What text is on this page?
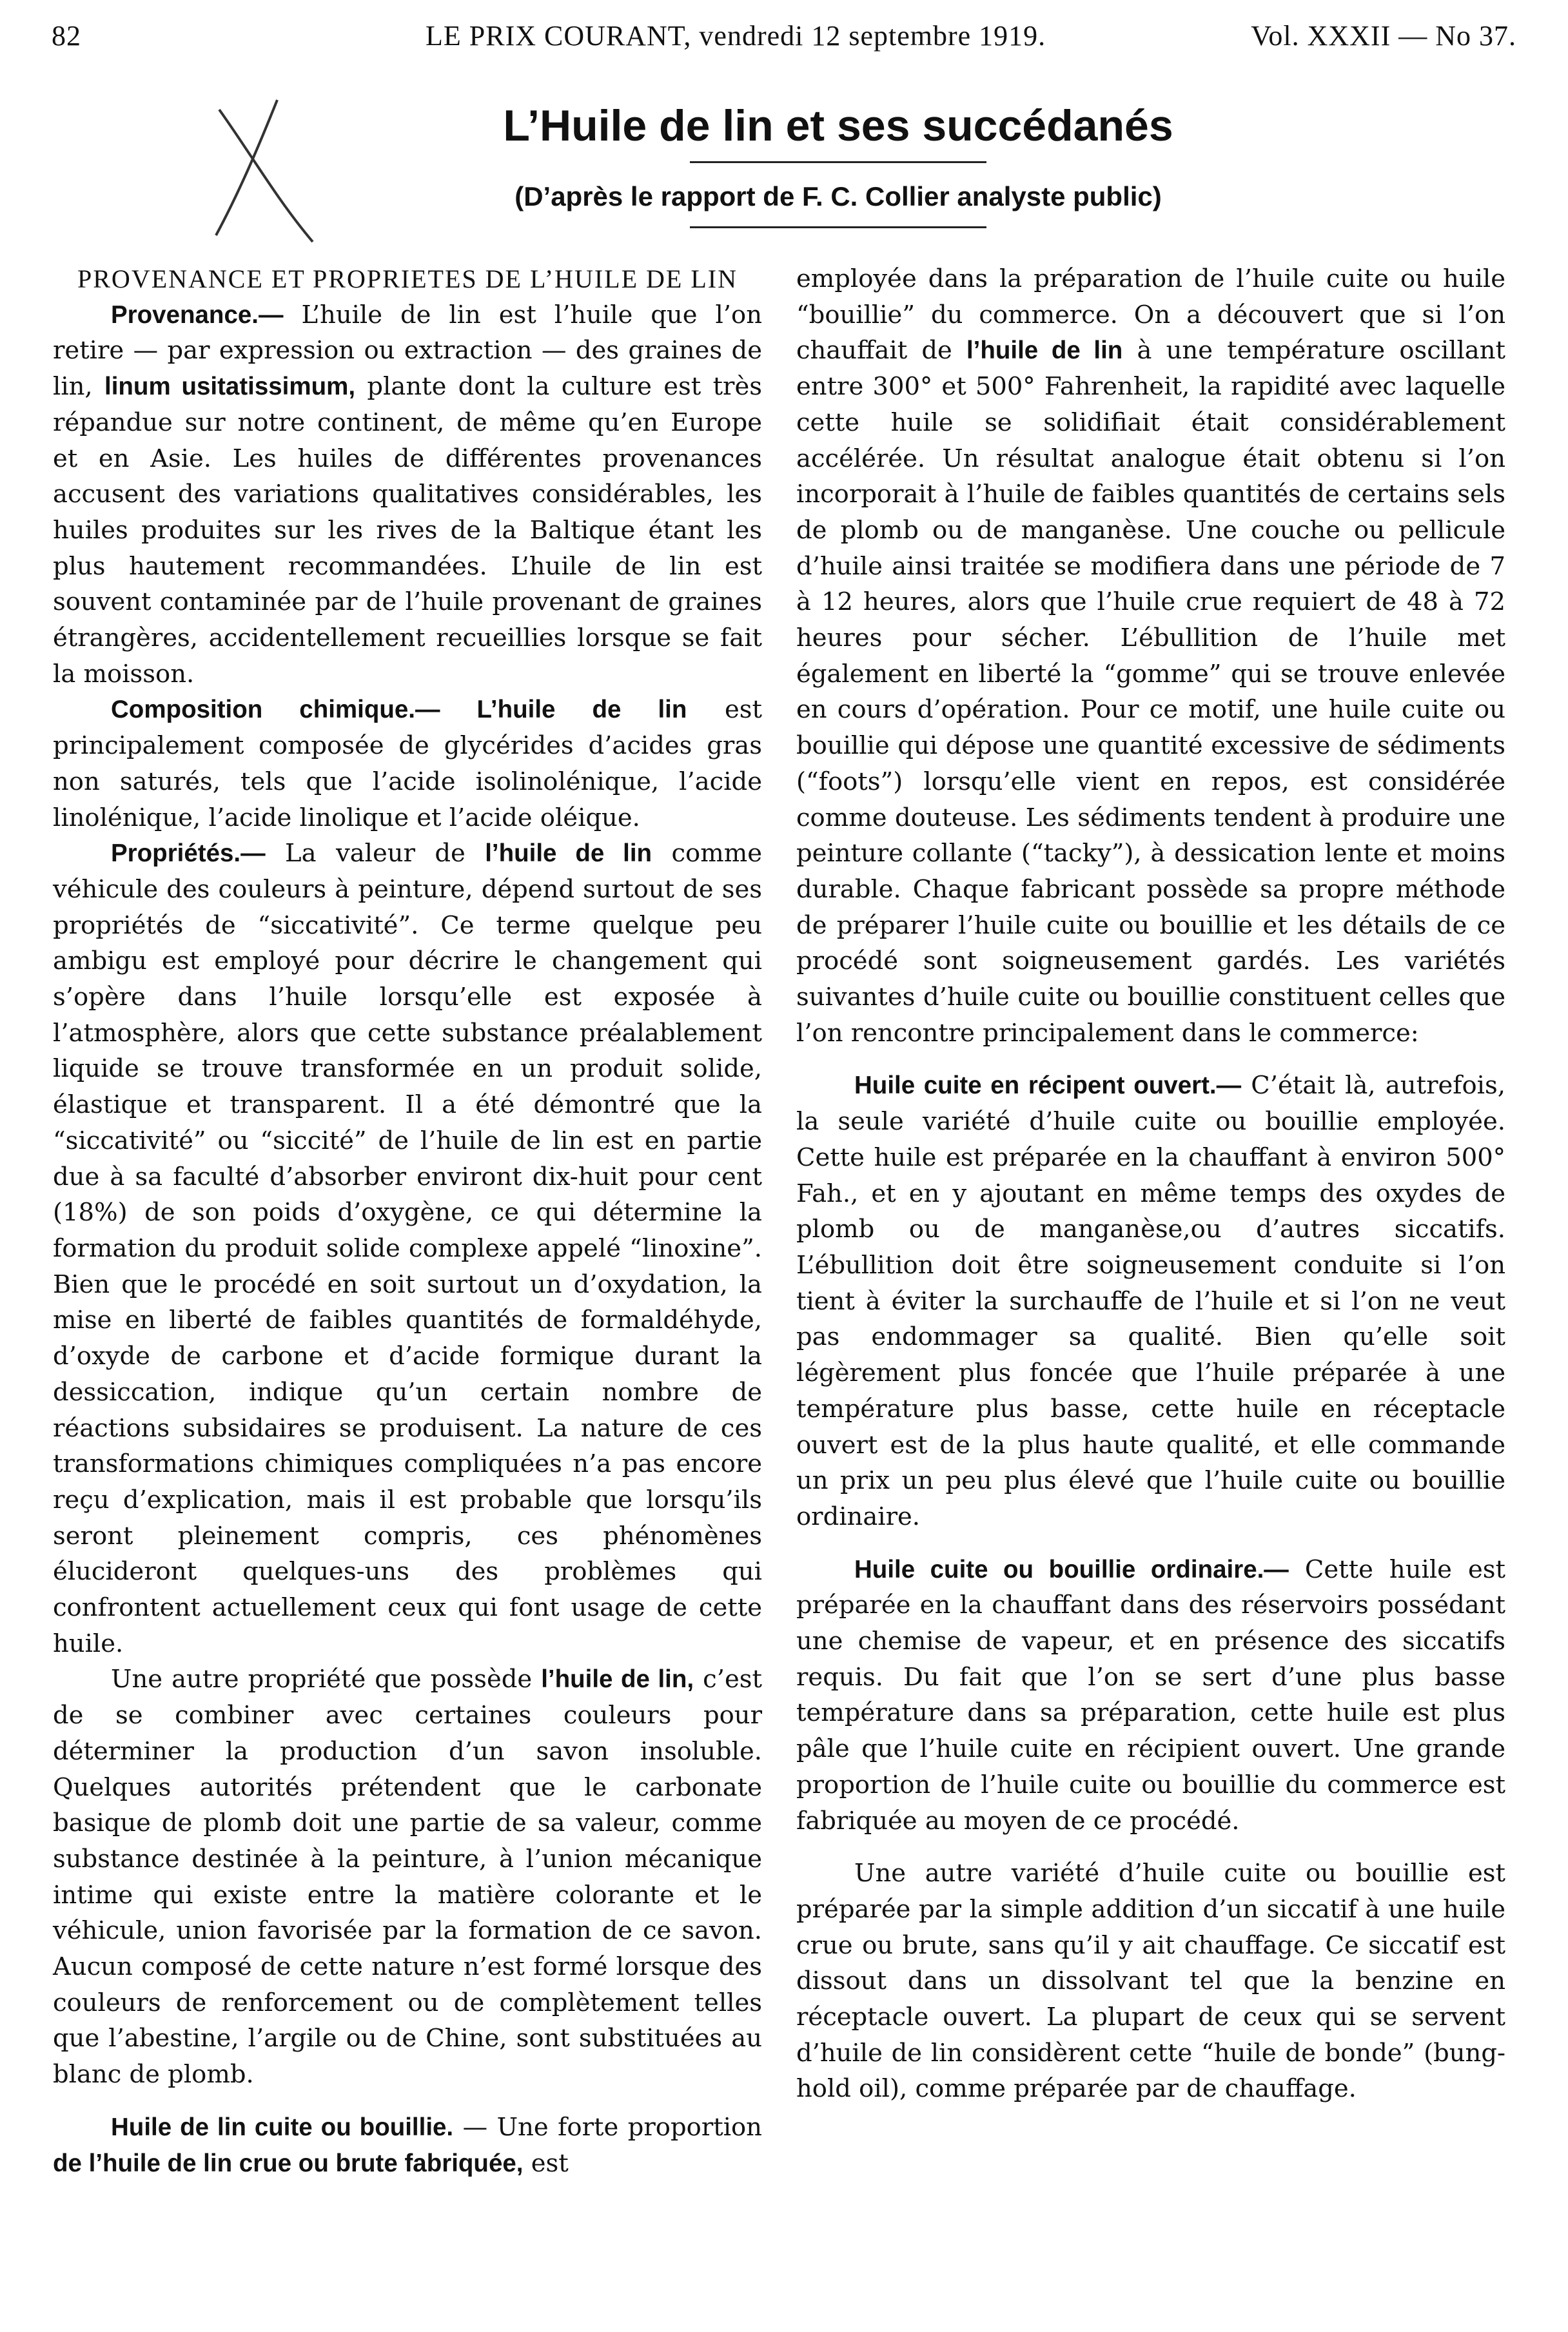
82	LE PRIX COURANT, vendredi 12 septembre 1919.	Vol. XXXII — No 37.
L’Huile de lin et ses succédanés
(D’après le rapport de F. C. Collier analyste public)

PROVENANCE ET PROPRIETES DE L’HUILE DE LIN

Provenance.— L’huile de lin est l’huile que l’on retire — par expression ou extraction — des graines de lin, linum usitatissimum, plante dont la culture est très répandue sur notre continent, de même qu’en Europe et en Asie. Les huiles de différentes provenances accusent des variations qualitatives considérables, les huiles produites sur les rives de la Baltique étant les plus hautement recommandées. L’huile de lin est souvent contaminée par de l’huile provenant de graines étrangères, accidentellement recueillies lorsque se fait la moisson.

Composition chimique.— L’huile de lin est principalement composée de glycérides d’acides gras non saturés, tels que l’acide isolinolénique, l’acide linolénique, l’acide linolique et l’acide oléique.

Propriétés.— La valeur de l’huile de lin comme véhicule des couleurs à peinture, dépend surtout de ses propriétés de “siccativité”. Ce terme quelque peu ambigu est employé pour décrire le changement qui s’opère dans l’huile lorsqu’elle est exposée à l’atmosphère, alors que cette substance préalablement liquide se trouve transformée en un produit solide, élastique et transparent. Il a été démontré que la “siccativité” ou “siccité” de l’huile de lin est en partie due à sa faculté d’absorber environt dix-huit pour cent (18%) de son poids d’oxygène, ce qui détermine la formation du produit solide complexe appelé “linoxine”. Bien que le procédé en soit surtout un d’oxydation, la mise en liberté de faibles quantités de formaldéhyde, d’oxyde de carbone et d’acide formique durant la dessiccation, indique qu’un certain nombre de réactions subsidaires se produisent. La nature de ces transformations chimiques compliquées n’a pas encore reçu d’explication, mais il est probable que lorsqu’ils seront pleinement compris, ces phénomènes élucideront quelques-uns des problèmes qui confrontent actuellement ceux qui font usage de cette huile.

Une autre propriété que possède l’huile de lin, c’est de se combiner avec certaines couleurs pour déterminer la production d’un savon insoluble. Quelques autorités prétendent que le carbonate basique de plomb doit une partie de sa valeur, comme substance destinée à la peinture, à l’union mécanique intime qui existe entre la matière colorante et le véhicule, union favorisée par la formation de ce savon. Aucun composé de cette nature n’est formé lorsque des couleurs de renforcement ou de complètement telles que l’abestine, l’argile ou de Chine, sont substituées au blanc de plomb.

Huile de lin cuite ou bouillie. — Une forte proportion de l’huile de lin crue ou brute fabriquée, est

employée dans la préparation de l’huile cuite ou huile “bouillie” du commerce. On a découvert que si l’on chauffait de l’huile de lin à une température oscillant entre 300° et 500° Fahrenheit, la rapidité avec laquelle cette huile se solidifiait était considérablement accélérée. Un résultat analogue était obtenu si l’on incorporait à l’huile de faibles quantités de certains sels de plomb ou de manganèse. Une couche ou pellicule d’huile ainsi traitée se modifiera dans une période de 7 à 12 heures, alors que l’huile crue requiert de 48 à 72 heures pour sécher. L’ébullition de l’huile met également en liberté la “gomme” qui se trouve enlevée en cours d’opération. Pour ce motif, une huile cuite ou bouillie qui dépose une quantité excessive de sédiments (“foots”) lorsqu’elle vient en repos, est considérée comme douteuse. Les sédiments tendent à produire une peinture collante (“tacky”), à dessication lente et moins durable. Chaque fabricant possède sa propre méthode de préparer l’huile cuite ou bouillie et les détails de ce procédé sont soigneusement gardés. Les variétés suivantes d’huile cuite ou bouillie constituent celles que l’on rencontre principalement dans le commerce:

Huile cuite en récipent ouvert.— C’était là, autrefois, la seule variété d’huile cuite ou bouillie employée. Cette huile est préparée en la chauffant à environ 500° Fah., et en y ajoutant en même temps des oxydes de plomb ou de manganèse,ou d’autres siccatifs. L’ébullition doit être soigneusement conduite si l’on tient à éviter la surchauffe de l’huile et si l’on ne veut pas endommager sa qualité. Bien qu’elle soit légèrement plus foncée que l’huile préparée à une température plus basse, cette huile en réceptacle ouvert est de la plus haute qualité, et elle commande un prix un peu plus élevé que l’huile cuite ou bouillie ordinaire.

Huile cuite ou bouillie ordinaire.— Cette huile est préparée en la chauffant dans des réservoirs possédant une chemise de vapeur, et en présence des siccatifs requis. Du fait que l’on se sert d’une plus basse température dans sa préparation, cette huile est plus pâle que l’huile cuite en récipient ouvert. Une grande proportion de l’huile cuite ou bouillie du commerce est fabriquée au moyen de ce procédé.

Une autre variété d’huile cuite ou bouillie est préparée par la simple addition d’un siccatif à une huile crue ou brute, sans qu’il y ait chauffage. Ce siccatif est dissout dans un dissolvant tel que la benzine en réceptacle ouvert. La plupart de ceux qui se servent d’huile de lin considèrent cette “huile de bonde” (bung-hold oil), comme préparée par de chauffage.
